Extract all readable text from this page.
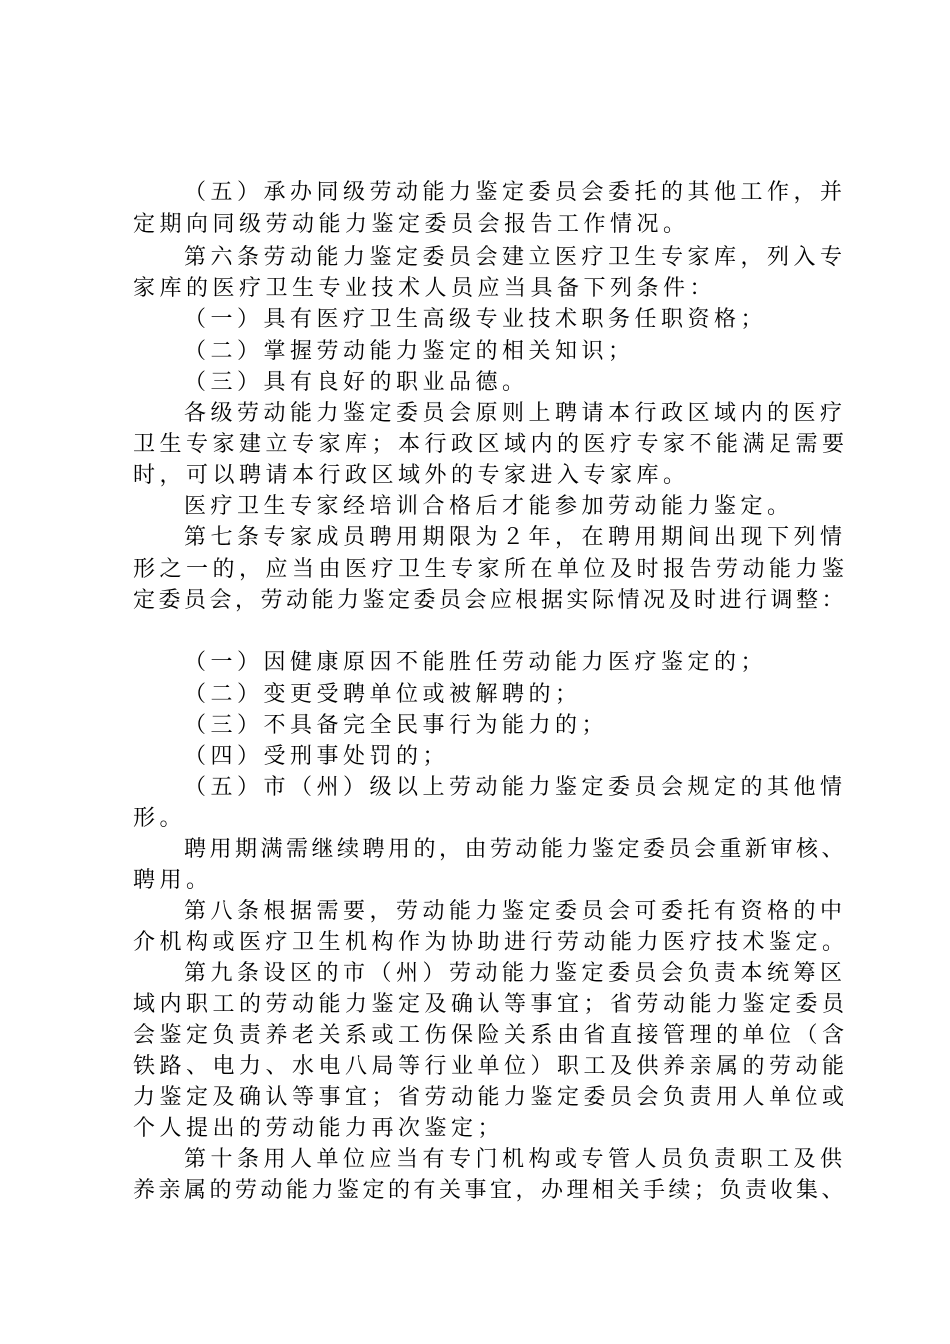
（五）承办同级劳动能力鉴定委员会委托的其他工作，并
定期向同级劳动能力鉴定委员会报告工作情况。
第六条劳动能力鉴定委员会建立医疗卫生专家库，列入专
家库的医疗卫生专业技术人员应当具备下列条件：
（一）具有医疗卫生高级专业技术职务任职资格；
（二）掌握劳动能力鉴定的相关知识；
（三）具有良好的职业品德。
各级劳动能力鉴定委员会原则上聘请本行政区域内的医疗
卫生专家建立专家库；本行政区域内的医疗专家不能满足需要
时，可以聘请本行政区域外的专家进入专家库。
医疗卫生专家经培训合格后才能参加劳动能力鉴定。
第七条专家成员聘用期限为２年，在聘用期间出现下列情
形之一的，应当由医疗卫生专家所在单位及时报告劳动能力鉴
定委员会，劳动能力鉴定委员会应根据实际情况及时进行调整：
（一）因健康原因不能胜任劳动能力医疗鉴定的；
（二）变更受聘单位或被解聘的；
（三）不具备完全民事行为能力的；
（四）受刑事处罚的；
（五）市（州）级以上劳动能力鉴定委员会规定的其他情
形。
聘用期满需继续聘用的，由劳动能力鉴定委员会重新审核、
聘用。
第八条根据需要，劳动能力鉴定委员会可委托有资格的中
介机构或医疗卫生机构作为协助进行劳动能力医疗技术鉴定。
第九条设区的市（州）劳动能力鉴定委员会负责本统筹区
域内职工的劳动能力鉴定及确认等事宜；省劳动能力鉴定委员
会鉴定负责养老关系或工伤保险关系由省直接管理的单位（含
铁路、电力、水电八局等行业单位）职工及供养亲属的劳动能
力鉴定及确认等事宜；省劳动能力鉴定委员会负责用人单位或
个人提出的劳动能力再次鉴定；
第十条用人单位应当有专门机构或专管人员负责职工及供
养亲属的劳动能力鉴定的有关事宜，办理相关手续；负责收集、
